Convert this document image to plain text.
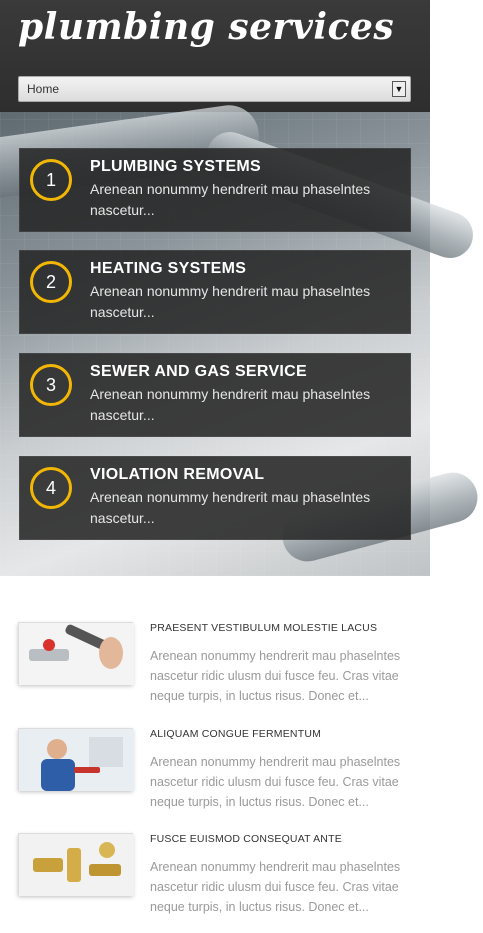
plumbing services
Home	▼
1
PLUMBING SYSTEMS
Arenean nonummy hendrerit mau phaselntes nascetur...
2
HEATING SYSTEMS
Arenean nonummy hendrerit mau phaselntes nascetur...
3
SEWER AND GAS SERVICE
Arenean nonummy hendrerit mau phaselntes nascetur...
4
VIOLATION REMOVAL
Arenean nonummy hendrerit mau phaselntes nascetur...
PRAESENT VESTIBULUM MOLESTIE LACUS
Arenean nonummy hendrerit mau phaselntes nascetur ridic ulusm dui fusce feu. Cras vitae neque turpis, in luctus risus. Donec et...
ALIQUAM CONGUE FERMENTUM
Arenean nonummy hendrerit mau phaselntes nascetur ridic ulusm dui fusce feu. Cras vitae neque turpis, in luctus risus. Donec et...
FUSCE EUISMOD CONSEQUAT ANTE
Arenean nonummy hendrerit mau phaselntes nascetur ridic ulusm dui fusce feu. Cras vitae neque turpis, in luctus risus. Donec et...
